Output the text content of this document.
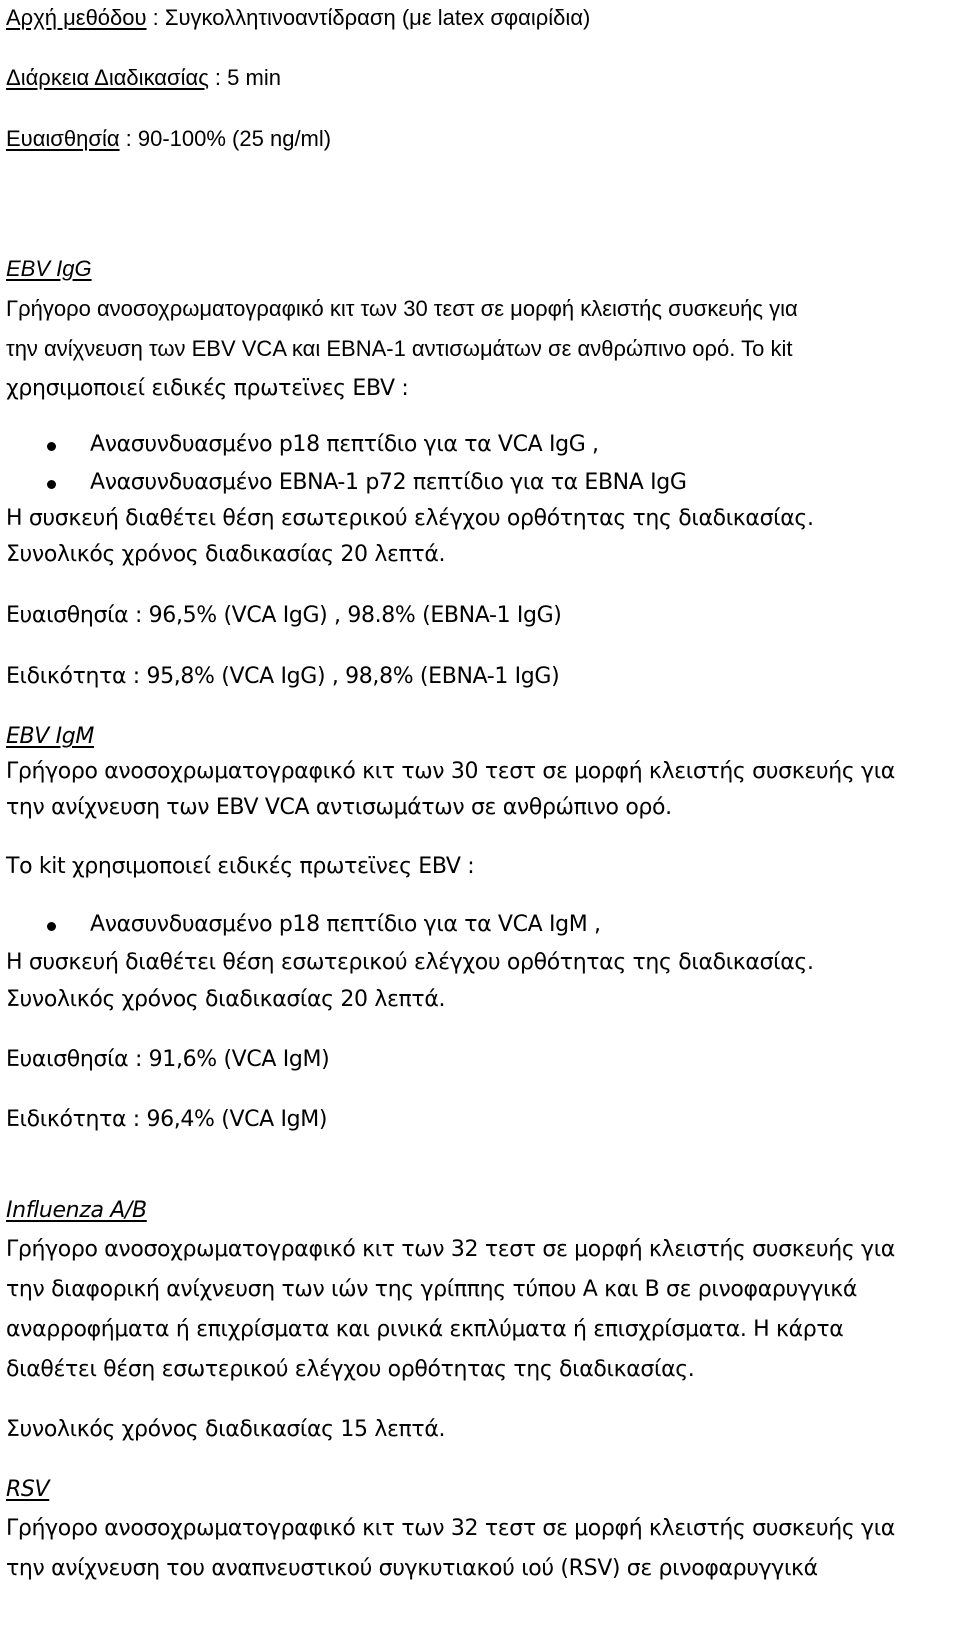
Αρχή μεθόδου : Συγκολλητινοαντίδραση (με latex σφαιρίδια)
Διάρκεια Διαδικασίας : 5 min
Ευαισθησία : 90-100% (25 ng/ml)
EBV IgG
Γρήγορο ανοσοχρωματογραφικό κιτ των 30 τεστ σε μορφή κλειστής συσκευής για
την ανίχνευση των EBV VCA και EBNA-1 αντισωμάτων σε ανθρώπινο ορό. Το kit
χρησιμοποιεί ειδικές πρωτεϊνες EBV :
Ανασυνδυασμένο p18 πεπτίδιο για τα VCA IgG ,
Ανασυνδυασμένο EBNA-1 p72 πεπτίδιο για τα EBNA IgG
Η συσκευή διαθέτει θέση εσωτερικού ελέγχου ορθότητας της διαδικασίας.
Συνολικός χρόνος διαδικασίας 20 λεπτά.
Ευαισθησία : 96,5% (VCA IgG) , 98.8% (EBNA-1 IgG)
Ειδικότητα : 95,8% (VCA IgG) , 98,8% (EBNA-1 IgG)
EBV IgM
Γρήγορο ανοσοχρωματογραφικό κιτ των 30 τεστ σε μορφή κλειστής συσκευής για
την ανίχνευση των EBV VCA αντισωμάτων σε ανθρώπινο ορό.
Το kit χρησιμοποιεί ειδικές πρωτεϊνες EBV :
Ανασυνδυασμένο p18 πεπτίδιο για τα VCA IgM ,
Η συσκευή διαθέτει θέση εσωτερικού ελέγχου ορθότητας της διαδικασίας.
Συνολικός χρόνος διαδικασίας 20 λεπτά.
Ευαισθησία : 91,6% (VCA IgM)
Ειδικότητα : 96,4% (VCA IgM)
Influenza A/B
Γρήγορο ανοσοχρωματογραφικό κιτ των 32 τεστ σε μορφή κλειστής συσκευής για
την διαφορική ανίχνευση των ιών της γρίππης τύπου Α και Β σε ρινοφαρυγγικά
αναρροφήματα ή επιχρίσματα και ρινικά εκπλύματα ή επισχρίσματα. Η κάρτα
διαθέτει θέση εσωτερικού ελέγχου ορθότητας της διαδικασίας.
Συνολικός χρόνος διαδικασίας 15 λεπτά.
RSV
Γρήγορο ανοσοχρωματογραφικό κιτ των 32 τεστ σε μορφή κλειστής συσκευής για
την ανίχνευση του αναπνευστικού συγκυτιακού ιού (RSV) σε ρινοφαρυγγικά
